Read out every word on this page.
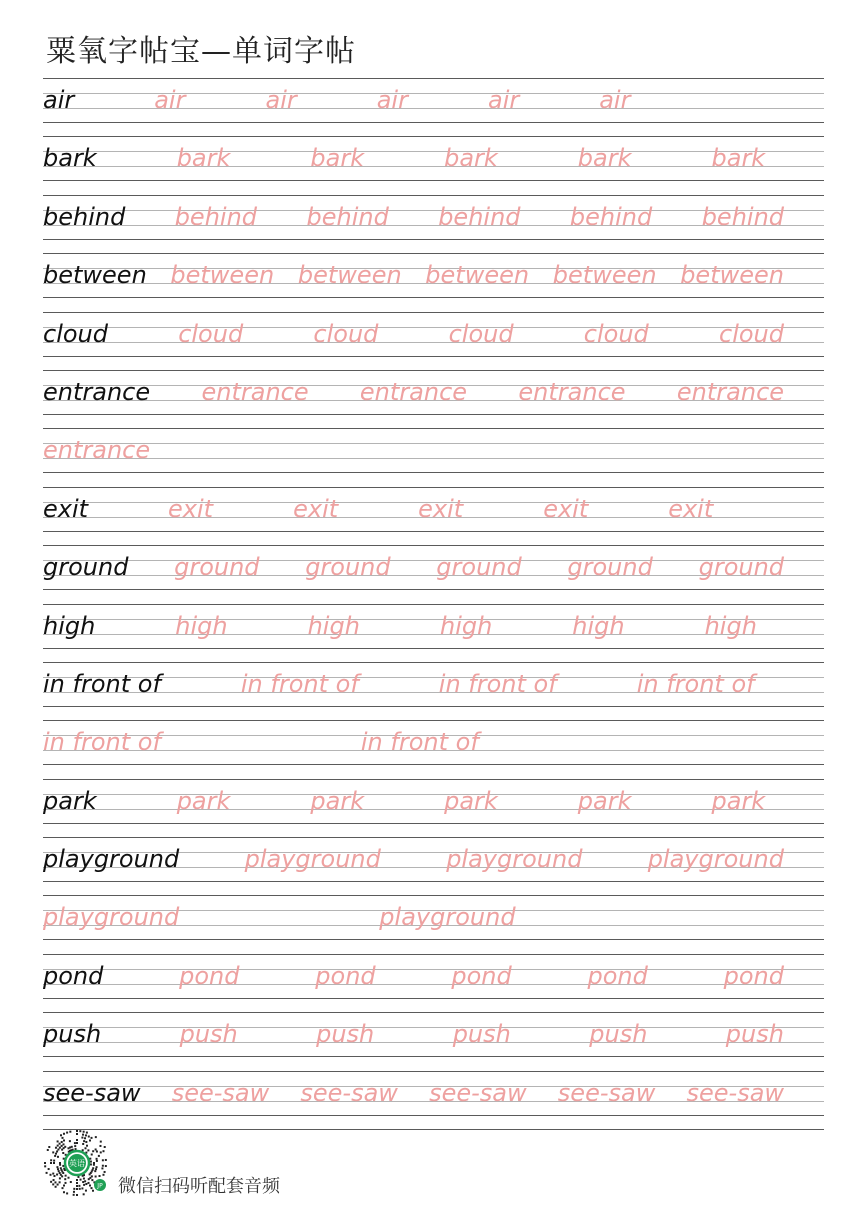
粟氧字帖宝—单词字帖
air	air	air	air	air	air
bark	bark	bark	bark	bark	bark
behind behind behind behind behind behind
between between between between between between
cloud	cloud	cloud	cloud	cloud	cloud
entrance entrance entrance entrance entrance
entrance
exit	exit	exit	exit	exit	exit
ground ground ground ground ground ground
high	high	high	high	high	high
in front of	in front of	in front of	in front of
in front of	in front of
park	park	park	park	park	park
playground	playground	playground	playground
playground	playground
pond	pond	pond	pond	pond	pond
push	push	push	push	push	push
see-saw see-saw see-saw see-saw see-saw see-saw
英语
JP 微信扫码听配套音频
